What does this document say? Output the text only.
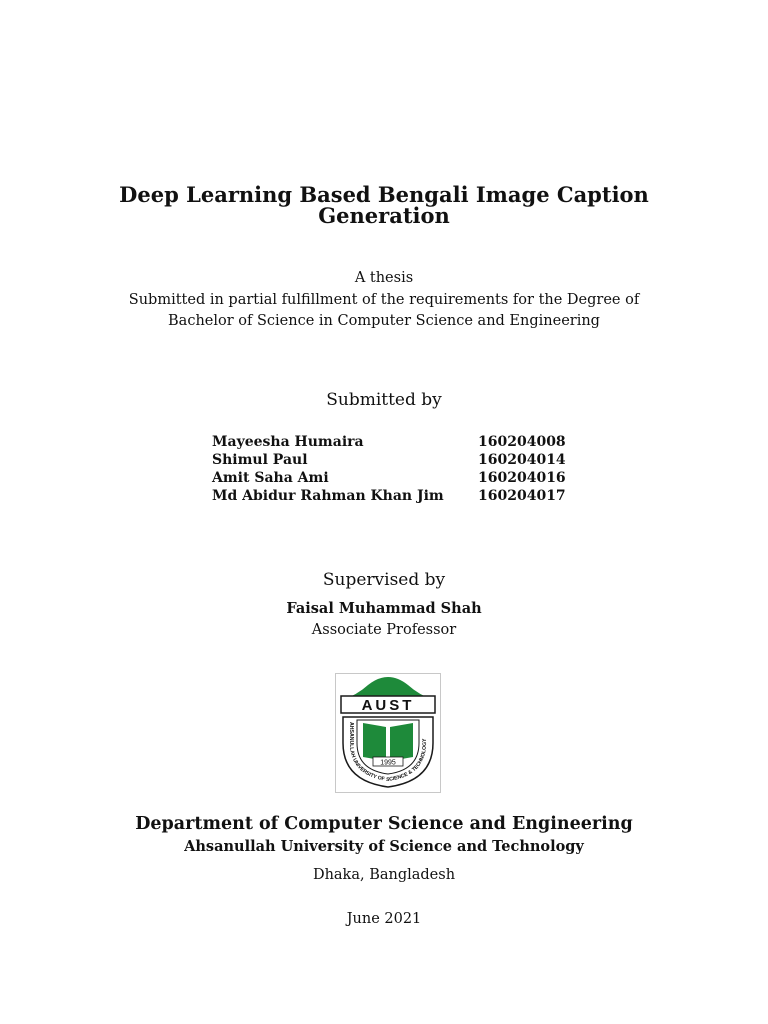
Deep Learning Based Bengali Image Caption
Generation
A thesis
Submitted in partial fulfillment of the requirements for the Degree of
Bachelor of Science in Computer Science and Engineering
Submitted by
Mayeesha Humaira	160204008
Shimul Paul	160204014
Amit Saha Ami	160204016
Md Abidur Rahman Khan Jim	160204017
Supervised by
Faisal Muhammad Shah
Associate Professor
AUST
1995
AHSANULLAH UNIVERSITY OF SCIENCE & TECHNOLOGY
Department of Computer Science and Engineering
Ahsanullah University of Science and Technology
Dhaka, Bangladesh
June 2021
